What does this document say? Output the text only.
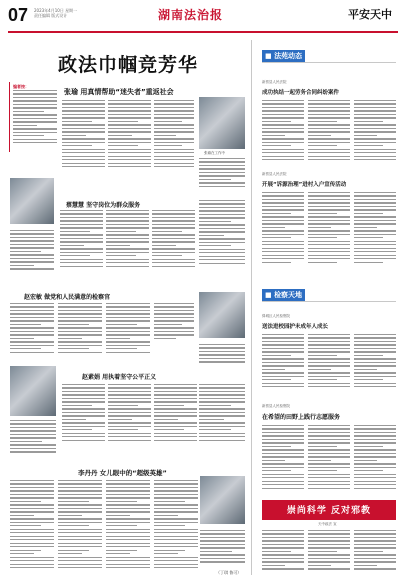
07 2023年4月10日 星期一
责任编辑 版式设计	湖南法治报	平安天中
政法巾帼竞芳华
编者按：
张瑜 用真情帮助“迷失者”重返社会
张瑜在工作中
蔡慧慧 坚守岗位为群众服务
赵宏敏 做党和人民满意的检察官
赵素娟 用执着坚守公平正义
李丹丹 女儿眼中的“超级英雄”
（丁琪 鲁可）
■ 法苑动态
新蔡县人民法院
成功执结一起劳务合同纠纷案件
新蔡县人民法院
开展“诉源治理”进村入户宣传活动
■ 检察天地
驿城区人民检察院
送法进校园护未成年人成长
新蔡县人民检察院
在希望的田野上践行志愿服务
崇尚科学 反对邪教
天中政法 宣
